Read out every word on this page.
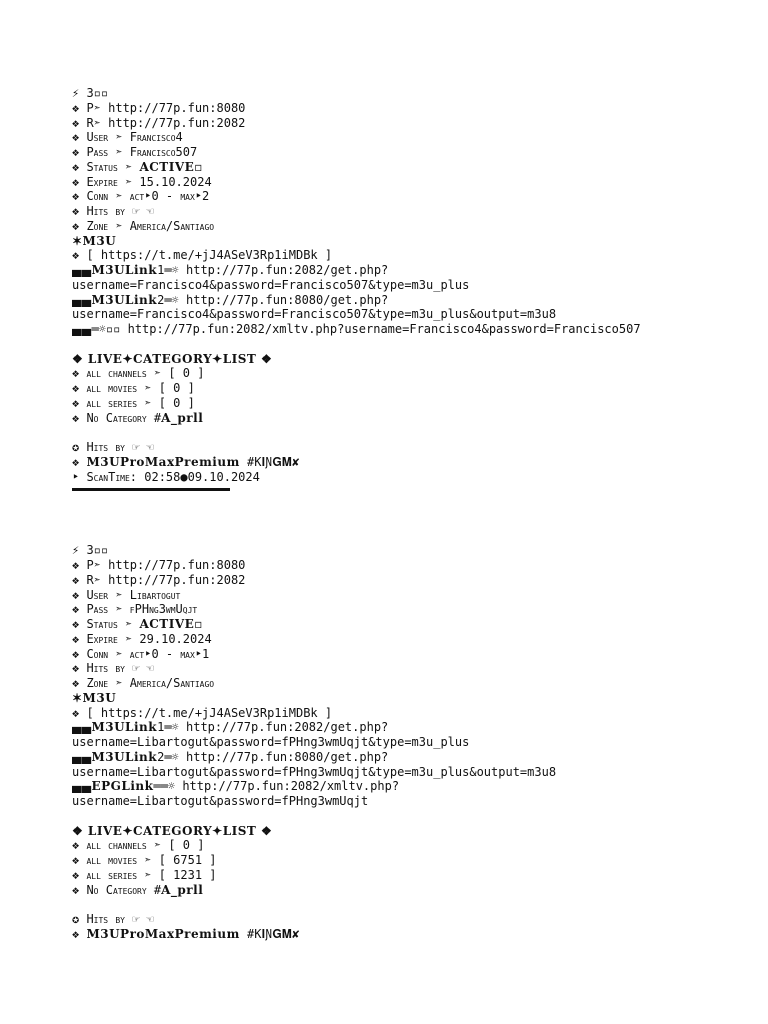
⚡ 3▫▫
❖ P➣ http://77p.fun:8080
❖ R➣ http://77p.fun:2082
❖ User ➣ Francisco4
❖ Pass ➣ Francisco507
❖ Status ➣ ACTIVE▫
❖ Expire ➣ 15.10.2024
❖ Conn ➣ act‣0 - max‣2
❖ Hits by ☞ ☜
❖ Zone ➣ America/Santiago
✶M3U
❖ [ https://t.me/+jJ4ASeV3Rp1iMDBk ]
▄▄M3ULink1═☼ http://77p.fun:2082/get.php?
username=Francisco4&password=Francisco507&type=m3u_plus
▄▄M3ULink2═☼ http://77p.fun:8080/get.php?
username=Francisco4&password=Francisco507&type=m3u_plus&output=m3u8
▄▄═☼▫▫ http://77p.fun:2082/xmltv.php?username=Francisco4&password=Francisco507
❖ LIVE✦CATEGORY✦LIST ❖
❖ all channels ➣ [ 0 ]
❖ all movies ➣ [ 0 ]
❖ all series ➣ [ 0 ]
❖ No Category #𝐀_𝐩𝐫𝐥𝐥
✪ Hits by ☞ ☜
❖ M3UProMaxPremium #K𝐈Ɲ𝐆𝐌✘
‣ ScanTime: 02:58●09.10.2024
⚡ 3▫▫
❖ P➣ http://77p.fun:8080
❖ R➣ http://77p.fun:2082
❖ User ➣ Libartogut
❖ Pass ➣ fPHng3wmUqjt
❖ Status ➣ ACTIVE▫
❖ Expire ➣ 29.10.2024
❖ Conn ➣ act‣0 - max‣1
❖ Hits by ☞ ☜
❖ Zone ➣ America/Santiago
✶M3U
❖ [ https://t.me/+jJ4ASeV3Rp1iMDBk ]
▄▄M3ULink1═☼ http://77p.fun:2082/get.php?
username=Libartogut&password=fPHng3wmUqjt&type=m3u_plus
▄▄M3ULink2═☼ http://77p.fun:8080/get.php?
username=Libartogut&password=fPHng3wmUqjt&type=m3u_plus&output=m3u8
▄▄EPGLink══☼ http://77p.fun:2082/xmltv.php?
username=Libartogut&password=fPHng3wmUqjt
❖ LIVE✦CATEGORY✦LIST ❖
❖ all channels ➣ [ 0 ]
❖ all movies ➣ [ 6751 ]
❖ all series ➣ [ 1231 ]
❖ No Category #𝐀_𝐩𝐫𝐥𝐥
✪ Hits by ☞ ☜
❖ M3UProMaxPremium #K𝐈Ɲ𝐆𝐌✘
